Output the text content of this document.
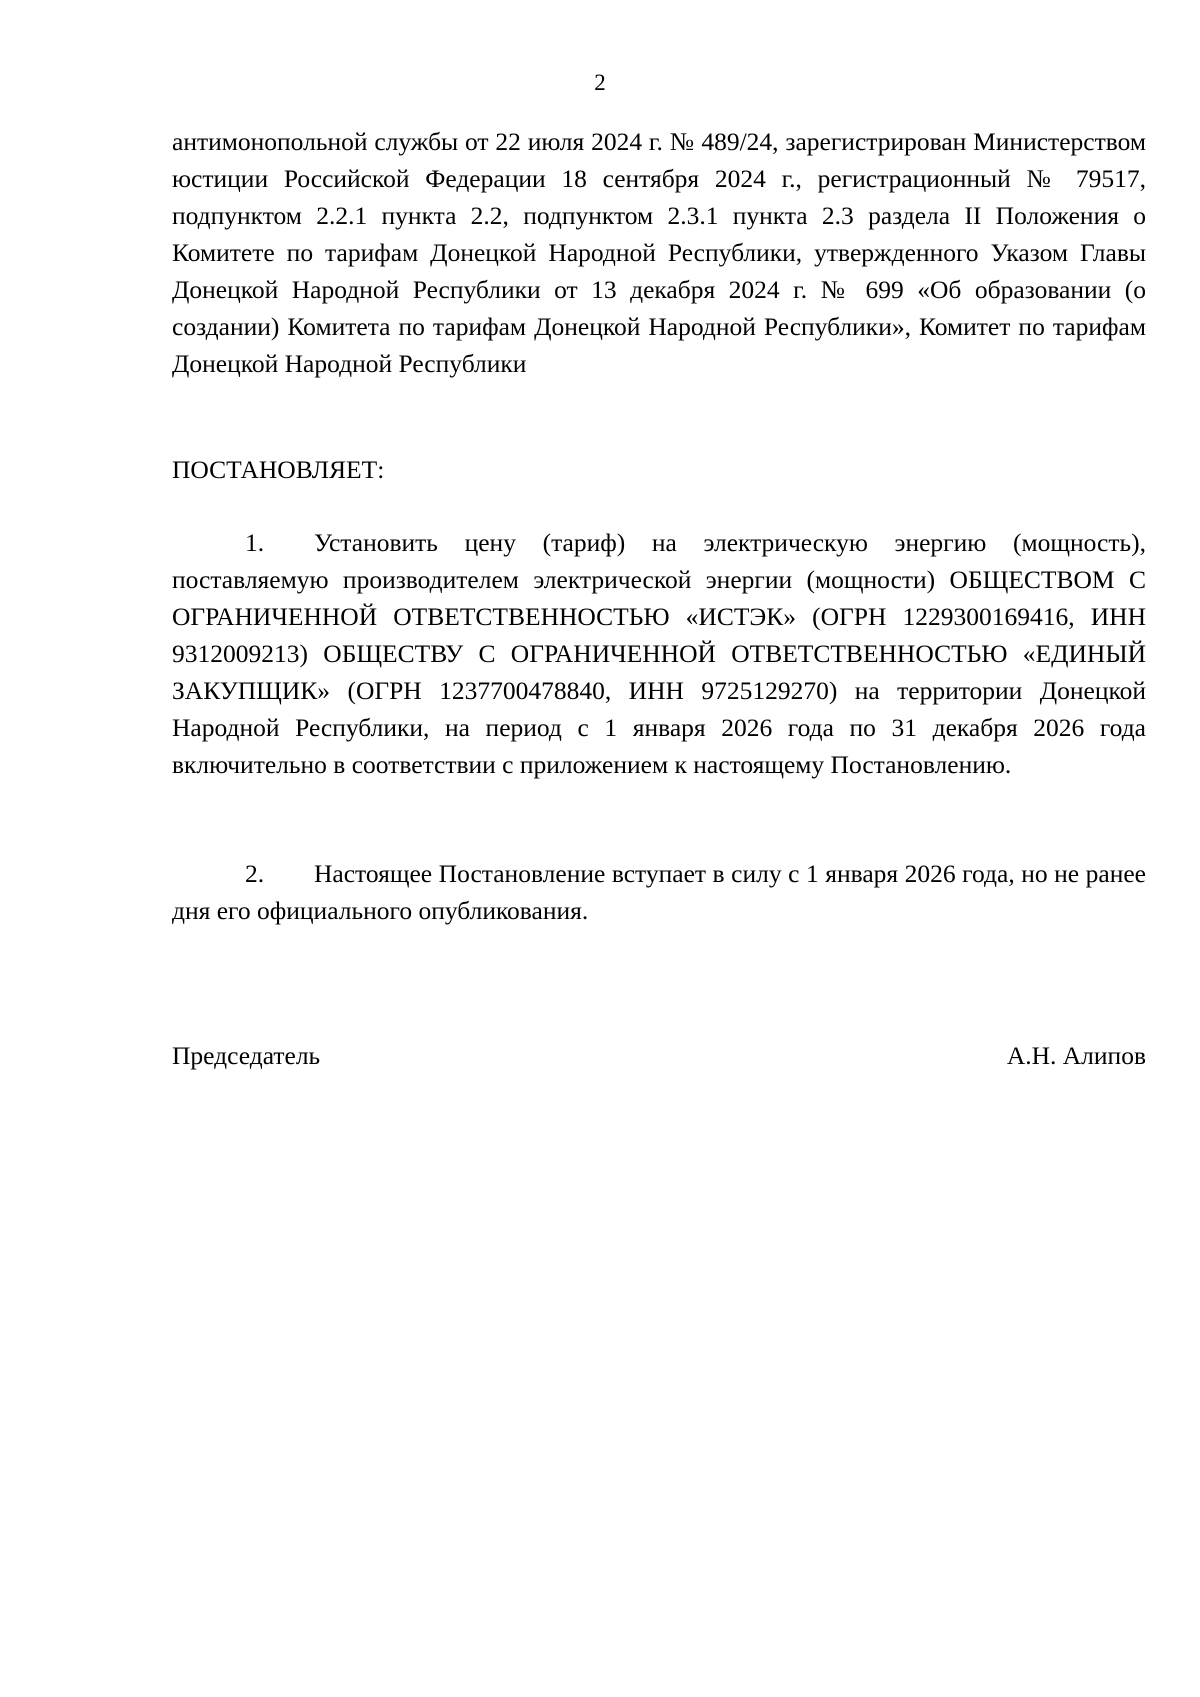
2

антимонопольной службы от 22 июля 2024 г. № 489/24, зарегистрирован Министерством юстиции Российской Федерации 18 сентября 2024 г., регистрационный № 79517, подпунктом 2.2.1 пункта 2.2, подпунктом 2.3.1 пункта 2.3 раздела II Положения о Комитете по тарифам Донецкой Народной Республики, утвержденного Указом Главы Донецкой Народной Республики от 13 декабря 2024 г. № 699 «Об образовании (о создании) Комитета по тарифам Донецкой Народной Республики», Комитет по тарифам Донецкой Народной Республики

ПОСТАНОВЛЯЕТ:

1. Установить цену (тариф) на электрическую энергию (мощность), поставляемую производителем электрической энергии (мощности) ОБЩЕСТВОМ С ОГРАНИЧЕННОЙ ОТВЕТСТВЕННОСТЬЮ «ИСТЭК» (ОГРН 1229300169416, ИНН 9312009213) ОБЩЕСТВУ С ОГРАНИЧЕННОЙ ОТВЕТСТВЕННОСТЬЮ «ЕДИНЫЙ ЗАКУПЩИК» (ОГРН 1237700478840, ИНН 9725129270) на территории Донецкой Народной Республики, на период с 1 января 2026 года по 31 декабря 2026 года включительно в соответствии с приложением к настоящему Постановлению.

2. Настоящее Постановление вступает в силу с 1 января 2026 года, но не ранее дня его официального опубликования.

Председатель	А.Н. Алипов
